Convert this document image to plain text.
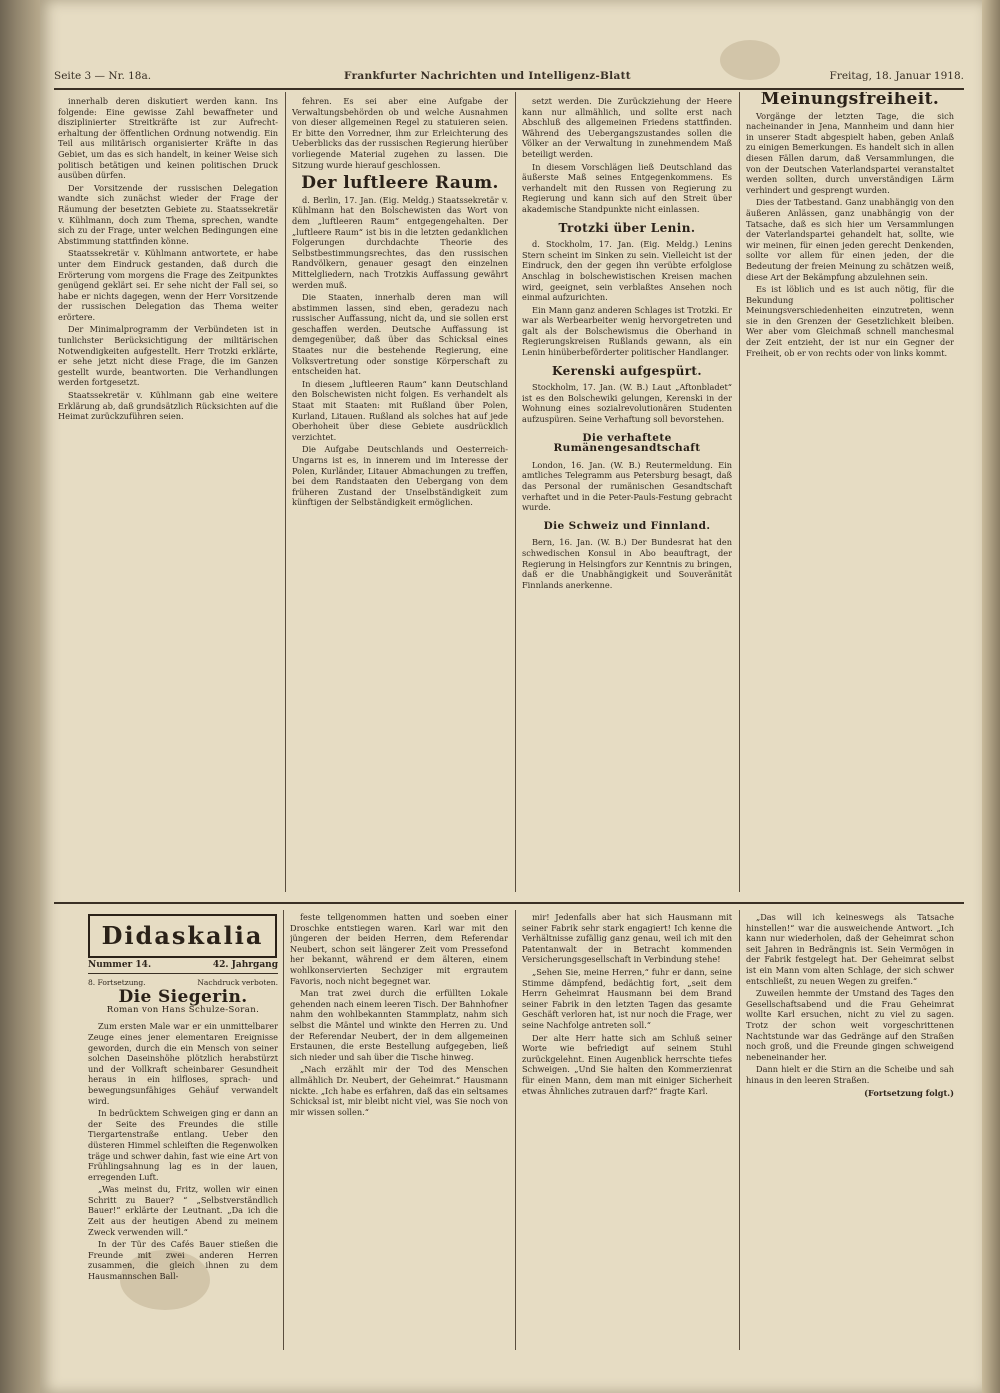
Seite 3 — Nr. 18a.	Frankfurter Nachrichten und Intelligenz-Blatt	Freitag, 18. Januar 1918.

innerhalb deren diskutiert werden kann. Ins folgende: Eine gewisse Zahl bewaffneter und disziplinierter Streitkräfte ist zur Aufrecht-erhaltung der öffentlichen Ordnung notwendig. Ein Teil aus militärisch organisierter Kräfte in das Gebiet, um das es sich handelt, in keiner Weise sich politisch betätigen und keinen politischen Druck ausüben dürfen.

Der Vorsitzende der russischen Delegation wandte sich zunächst wieder der Frage der Räumung der besetzten Gebiete zu. Staatssekretär v. Kühlmann, doch zum Thema, sprechen, wandte sich zu der Frage, unter welchen Bedingungen eine Abstimmung stattfinden könne.

Staatssekretär v. Kühlmann antwortete, er habe unter dem Eindruck gestanden, daß durch die Erörterung vom morgens die Frage des Zeitpunktes genügend geklärt sei. Er sehe nicht der Fall sei, so habe er nichts dagegen, wenn der Herr Vorsitzende der russischen Delegation das Thema weiter erörtere.

Der Minimalprogramm der Verbündeten ist in tunlichster Berücksichtigung der militärischen Notwendigkeiten aufgestellt. Herr Trotzki erklärte, er sehe jetzt nicht diese Frage, die im Ganzen gestellt wurde, beantworten. Die Verhandlungen werden fortgesetzt.

Staatssekretär v. Kühlmann gab eine weitere Erklärung ab, daß grundsätzlich Rücksichten auf die Heimat zurückzuführen seien.

fehren. Es sei aber eine Aufgabe der Verwaltungsbehörden ob und welche Ausnahmen von dieser allgemeinen Regel zu statuieren seien. Er bitte den Vorredner, ihm zur Erleichterung des Ueberblicks das der russischen Regierung hierüber vorliegende Material zugehen zu lassen. Die Sitzung wurde hierauf geschlossen.

Der luftleere Raum.

d. Berlin, 17. Jan. (Eig. Meldg.) Staatssekretär v. Kühlmann hat den Bolschewisten das Wort von dem „luftleeren Raum“ entgegengehalten. Der „luftleere Raum“ ist bis in die letzten gedanklichen Folgerungen durchdachte Theorie des Selbstbestimmungsrechtes, das den russischen Randvölkern, genauer gesagt den einzelnen Mittelgliedern, nach Trotzkis Auffassung gewährt werden muß.

Die Staaten, innerhalb deren man will abstimmen lassen, sind eben, geradezu nach russischer Auffassung, nicht da, und sie sollen erst geschaffen werden. Deutsche Auffassung ist demgegenüber, daß über das Schicksal eines Staates nur die bestehende Regierung, eine Volksvertretung oder sonstige Körperschaft zu entscheiden hat.

In diesem „luftleeren Raum“ kann Deutschland den Bolschewisten nicht folgen. Es verhandelt als Staat mit Staaten: mit Rußland über Polen, Kurland, Litauen. Rußland als solches hat auf jede Oberhoheit über diese Gebiete ausdrücklich verzichtet.

Die Aufgabe Deutschlands und Oesterreich-Ungarns ist es, in innerem und im Interesse der Polen, Kurländer, Litauer Abmachungen zu treffen, bei dem Randstaaten den Uebergang von dem früheren Zustand der Unselbständigkeit zum künftigen der Selbständigkeit ermöglichen.

setzt werden. Die Zurückziehung der Heere kann nur allmählich, und sollte erst nach Abschluß des allgemeinen Friedens stattfinden. Während des Uebergangszustandes sollen die Völker an der Verwaltung in zunehmendem Maß beteiligt werden.

In diesem Vorschlägen ließ Deutschland das äußerste Maß seines Entgegenkommens. Es verhandelt mit den Russen von Regierung zu Regierung und kann sich auf den Streit über akademische Standpunkte nicht einlassen.

Trotzki über Lenin.

d. Stockholm, 17. Jan. (Eig. Meldg.) Lenins Stern scheint im Sinken zu sein. Vielleicht ist der Eindruck, den der gegen ihn verübte erfolglose Anschlag in bolschewistischen Kreisen machen wird, geeignet, sein verblaßtes Ansehen noch einmal aufzurichten.

Ein Mann ganz anderen Schlages ist Trotzki. Er war als Werbearbeiter wenig hervorgetreten und galt als der Bolschewismus die Oberhand in Regierungskreisen Rußlands gewann, als ein Lenin hinüberbeförderter politischer Handlanger.

Kerenski aufgespürt.

Stockholm, 17. Jan. (W. B.) Laut „Aftonbladet“ ist es den Bolschewiki gelungen, Kerenski in der Wohnung eines sozialrevolutionären Studenten aufzuspüren. Seine Verhaftung soll bevorstehen.

Die verhaftete Rumänengesandtschaft

London, 16. Jan. (W. B.) Reutermeldung. Ein amtliches Telegramm aus Petersburg besagt, daß das Personal der rumänischen Gesandtschaft verhaftet und in die Peter-Pauls-Festung gebracht wurde.

Die Schweiz und Finnland.

Bern, 16. Jan. (W. B.) Der Bundesrat hat den schwedischen Konsul in Abo beauftragt, der Regierung in Helsingfors zur Kenntnis zu bringen, daß er die Unabhängigkeit und Souveränität Finnlands anerkenne.

Meinungsfreiheit.

Vorgänge der letzten Tage, die sich nacheinander in Jena, Mannheim und dann hier in unserer Stadt abgespielt haben, geben Anlaß zu einigen Bemerkungen. Es handelt sich in allen diesen Fällen darum, daß Versammlungen, die von der Deutschen Vaterlandspartei veranstaltet werden sollten, durch unverständigen Lärm verhindert und gesprengt wurden.

Dies der Tatbestand. Ganz unabhängig von den äußeren Anlässen, ganz unabhängig von der Tatsache, daß es sich hier um Versammlungen der Vaterlandspartei gehandelt hat, sollte, wie wir meinen, für einen jeden gerecht Denkenden, sollte vor allem für einen jeden, der die Bedeutung der freien Meinung zu schätzen weiß, diese Art der Bekämpfung abzulehnen sein.

Es ist löblich und es ist auch nötig, für die Bekundung politischer Meinungsverschiedenheiten einzutreten, wenn sie in den Grenzen der Gesetzlichkeit bleiben. Wer aber vom Gleichmaß schnell manchesmal der Zeit entzieht, der ist nur ein Gegner der Freiheit, ob er von rechts oder von links kommt.

Didaskalia
Nummer 14.	42. Jahrgang
8. Fortsetzung.	Nachdruck verboten.
Die Siegerin.
Roman von Hans Schulze-Soran.

Zum ersten Male war er ein unmittelbarer Zeuge eines jener elementaren Ereignisse geworden, durch die ein Mensch von seiner solchen Daseinshöhe plötzlich herabstürzt und der Vollkraft scheinbarer Gesundheit heraus in ein hilfloses, sprach- und bewegungsunfähiges Gehäuf verwandelt wird.

In bedrücktem Schweigen ging er dann an der Seite des Freundes die stille Tiergartenstraße entlang. Ueber den düsteren Himmel schleiften die Regenwolken träge und schwer dahin, fast wie eine Art von Frühlingsahnung lag es in der lauen, erregenden Luft.

„Was meinst du, Fritz, wollen wir einen Schritt zu Bauer? “ „Selbstverständlich Bauer!“ erklärte der Leutnant. „Da ich die Zeit aus der heutigen Abend zu meinem Zweck verwenden will.“

In der Tür des Cafés Bauer stießen die Freunde mit zwei anderen Herren zusammen, die gleich ihnen zu dem Hausmannschen Ball-

feste tellgenommen hatten und soeben einer Droschke entstiegen waren. Karl war mit den jüngeren der beiden Herren, dem Referendar Neubert, schon seit längerer Zeit vom Pressefond her bekannt, während er dem älteren, einem wohlkonservierten Sechziger mit ergrautem Favoris, noch nicht begegnet war.

Man trat zwei durch die erfüllten Lokale gehenden nach einem leeren Tisch. Der Bahnhofner nahm den wohlbekannten Stammplatz, nahm sich selbst die Mäntel und winkte den Herren zu. Und der Referendar Neubert, der in dem allgemeinen Erstaunen, die erste Bestellung aufgegeben, ließ sich nieder und sah über die Tische hinweg.

„Nach erzählt mir der Tod des Menschen allmählich Dr. Neubert, der Geheimrat.“ Hausmann nickte. „Ich habe es erfahren, daß das ein seltsames Schicksal ist, mir bleibt nicht viel, was Sie noch von mir wissen sollen.“

mir! Jedenfalls aber hat sich Hausmann mit seiner Fabrik sehr stark engagiert! Ich kenne die Verhältnisse zufällig ganz genau, weil ich mit den Patentanwalt der in Betracht kommenden Versicherungsgesellschaft in Verbindung stehe!

„Sehen Sie, meine Herren,“ fuhr er dann, seine Stimme dämpfend, bedächtig fort, „seit dem Herrn Geheimrat Hausmann bei dem Brand seiner Fabrik in den letzten Tagen das gesamte Geschäft verloren hat, ist nur noch die Frage, wer seine Nachfolge antreten soll.“

Der alte Herr hatte sich am Schluß seiner Worte wie befriedigt auf seinem Stuhl zurückgelehnt. Einen Augenblick herrschte tiefes Schweigen. „Und Sie halten den Kommerzienrat für einen Mann, dem man mit einiger Sicherheit etwas Ähnliches zutrauen darf?“ fragte Karl.

„Das will ich keineswegs als Tatsache hinstellen!“ war die ausweichende Antwort. „Ich kann nur wiederholen, daß der Geheimrat schon seit Jahren in Bedrängnis ist. Sein Vermögen in der Fabrik festgelegt hat. Der Geheimrat selbst ist ein Mann vom alten Schlage, der sich schwer entschließt, zu neuen Wegen zu greifen.“

Zuweilen hemmte der Umstand des Tages den Gesellschaftsabend und die Frau Geheimrat wollte Karl ersuchen, nicht zu viel zu sagen. Trotz der schon weit vorgeschrittenen Nachtstunde war das Gedränge auf den Straßen noch groß, und die Freunde gingen schweigend nebeneinander her.

Dann hielt er die Stirn an die Scheibe und sah hinaus in den leeren Straßen.

(Fortsetzung folgt.)
